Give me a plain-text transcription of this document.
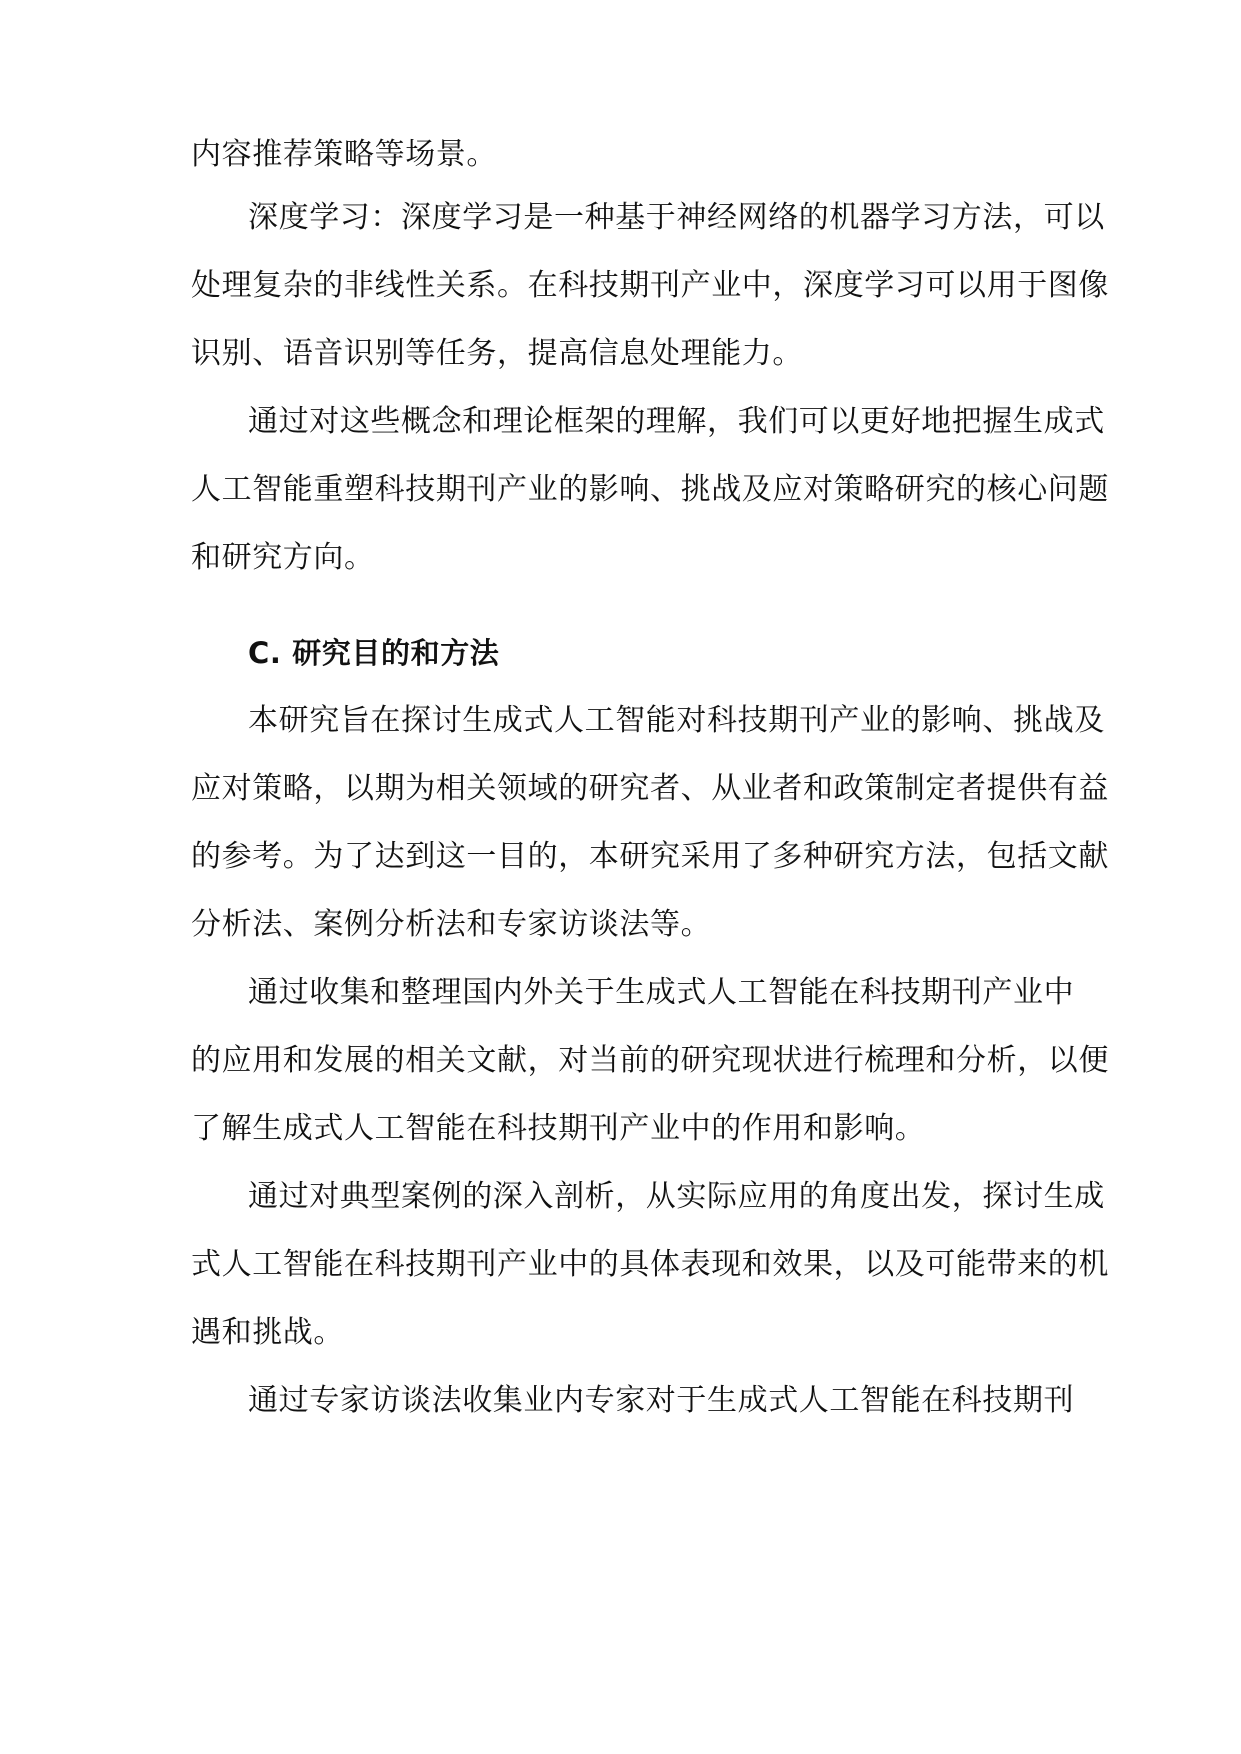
内容推荐策略等场景。
深度学习：深度学习是一种基于神经网络的机器学习方法，可以
处理复杂的非线性关系。在科技期刊产业中，深度学习可以用于图像
识别、语音识别等任务，提高信息处理能力。
通过对这些概念和理论框架的理解，我们可以更好地把握生成式
人工智能重塑科技期刊产业的影响、挑战及应对策略研究的核心问题
和研究方向。
C. 研究目的和方法
本研究旨在探讨生成式人工智能对科技期刊产业的影响、挑战及
应对策略，以期为相关领域的研究者、从业者和政策制定者提供有益
的参考。为了达到这一目的，本研究采用了多种研究方法，包括文献
分析法、案例分析法和专家访谈法等。
通过收集和整理国内外关于生成式人工智能在科技期刊产业中
的应用和发展的相关文献，对当前的研究现状进行梳理和分析，以便
了解生成式人工智能在科技期刊产业中的作用和影响。
通过对典型案例的深入剖析，从实际应用的角度出发，探讨生成
式人工智能在科技期刊产业中的具体表现和效果，以及可能带来的机
遇和挑战。
通过专家访谈法收集业内专家对于生成式人工智能在科技期刊
